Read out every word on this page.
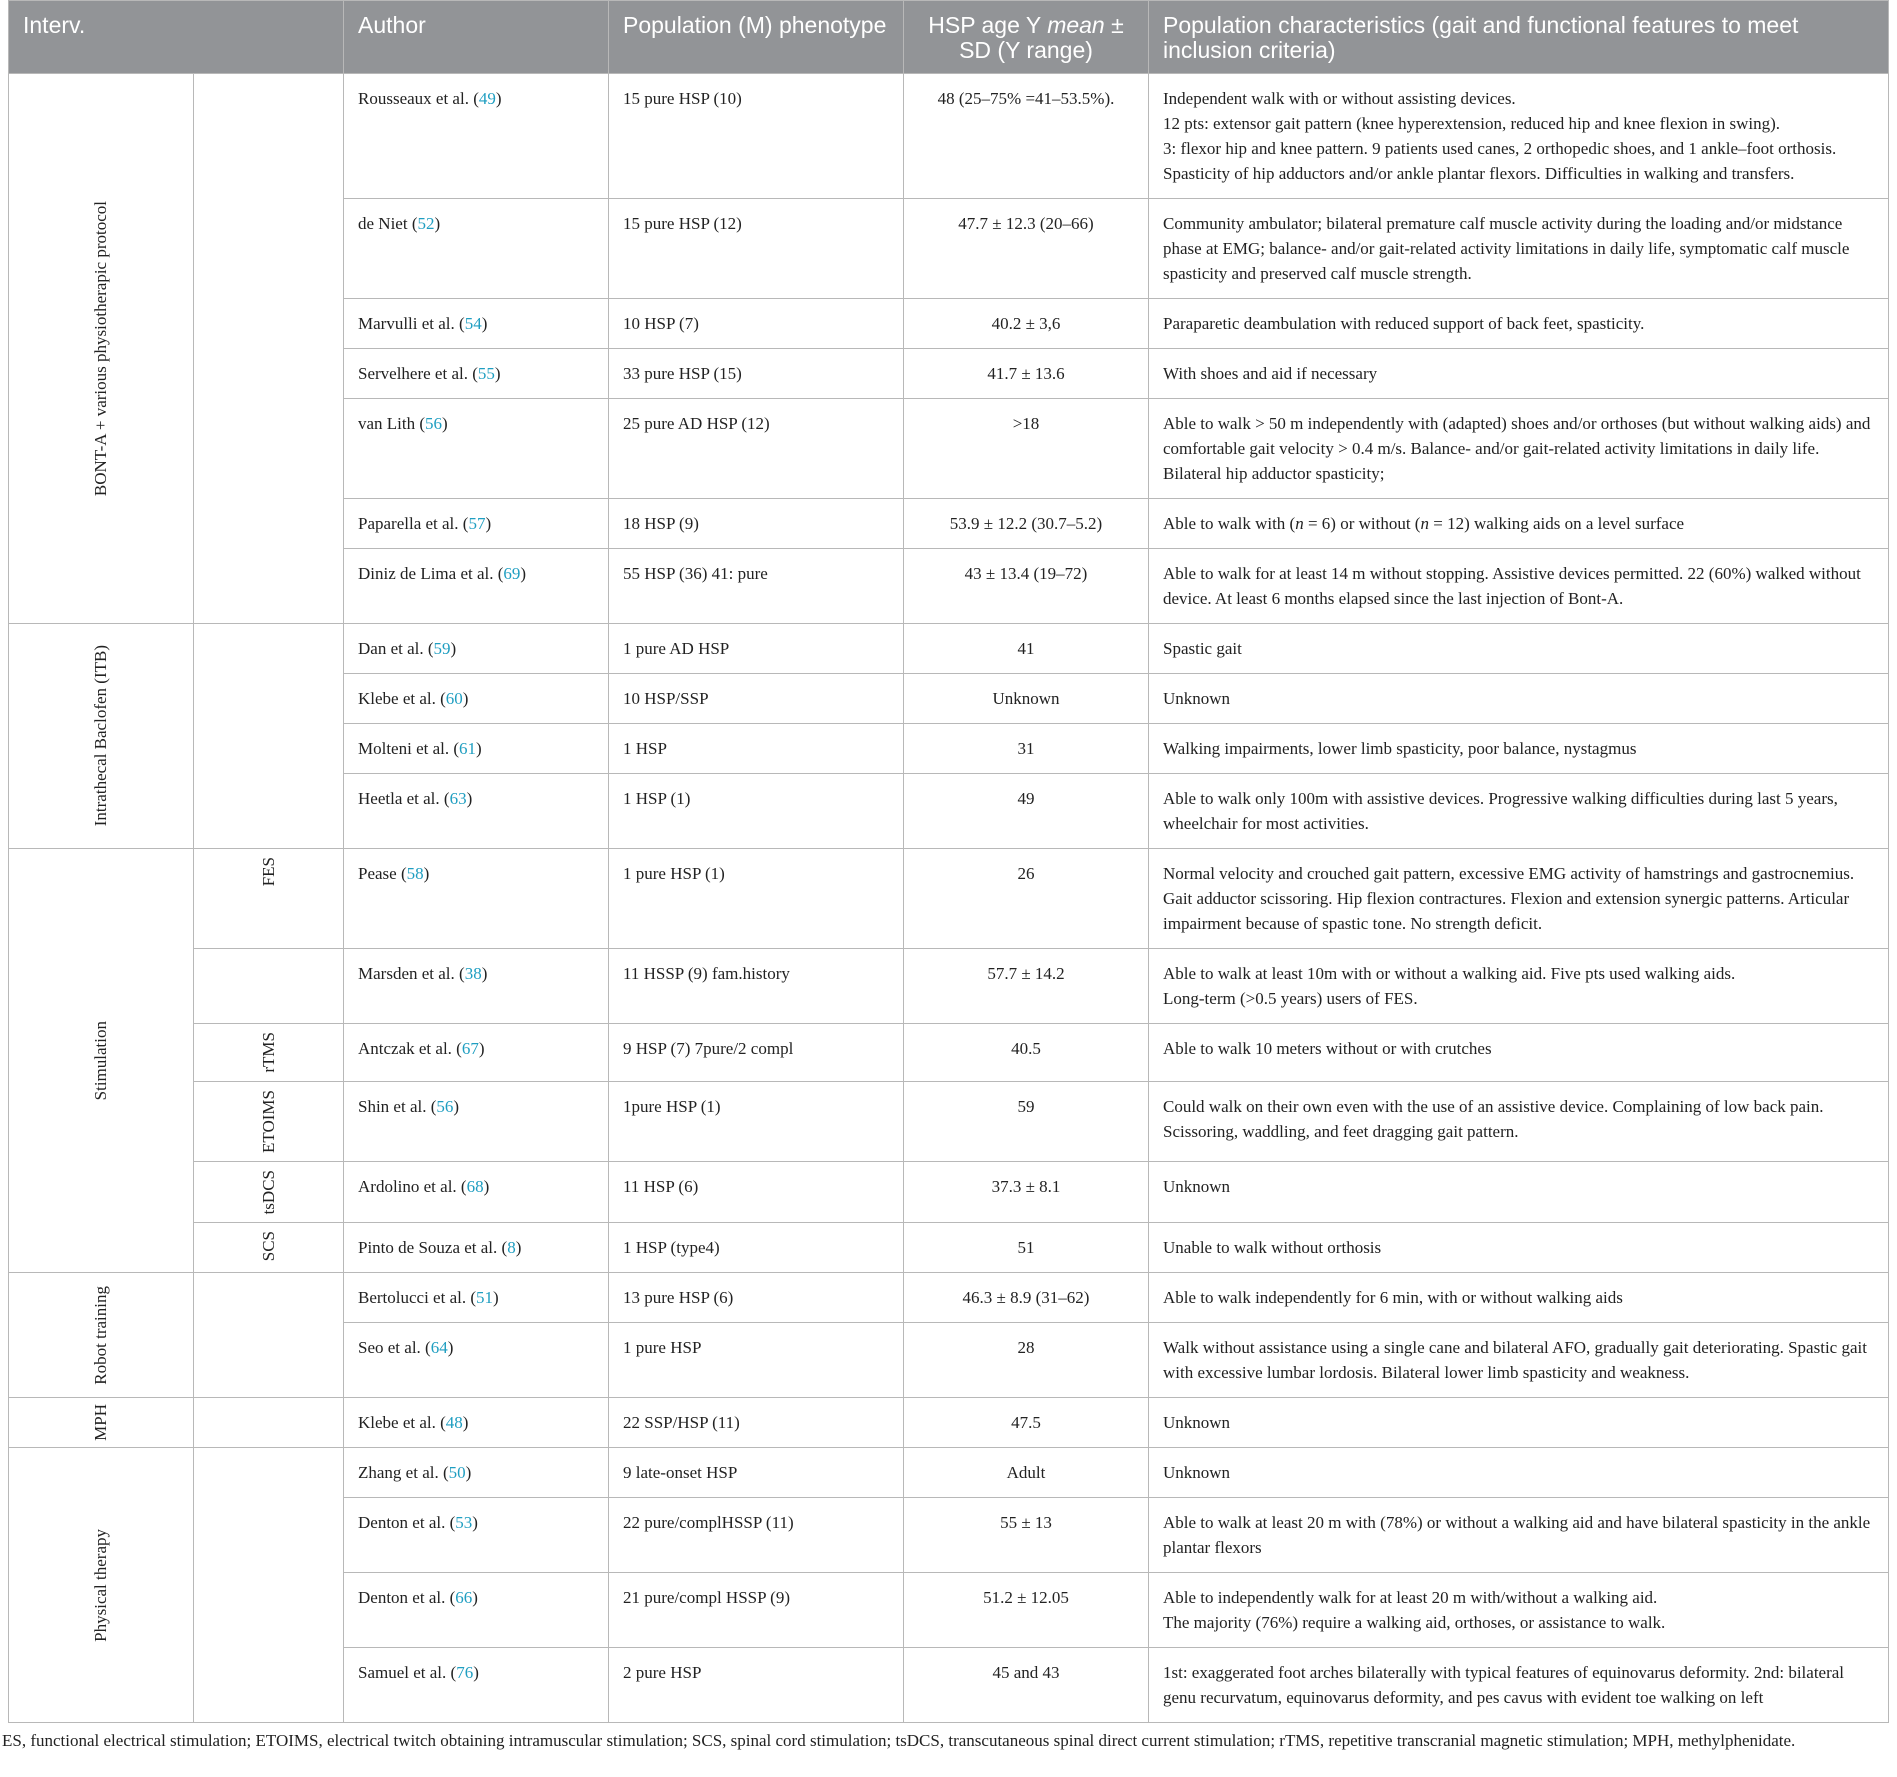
Interv.		Author	Population (M) phenotype	HSP age Y mean ± SD (Y range)	Population characteristics (gait and functional features to meet inclusion criteria)

BONT-A + various physiotherapic protocol		Rousseaux et al. (49)	15 pure HSP (10)	48 (25–75% =41–53.5%).	Independent walk with or without assisting devices.
12 pts: extensor gait pattern (knee hyperextension, reduced hip and knee flexion in swing).
3: flexor hip and knee pattern. 9 patients used canes, 2 orthopedic shoes, and 1 ankle–foot orthosis. Spasticity of hip adductors and/or ankle plantar flexors. Difficulties in walking and transfers.
		de Niet (52)	15 pure HSP (12)	47.7 ± 12.3 (20–66)	Community ambulator; bilateral premature calf muscle activity during the loading and/or midstance phase at EMG; balance- and/or gait-related activity limitations in daily life, symptomatic calf muscle spasticity and preserved calf muscle strength.
		Marvulli et al. (54)	10 HSP (7)	40.2 ± 3,6	Paraparetic deambulation with reduced support of back feet, spasticity.
		Servelhere et al. (55)	33 pure HSP (15)	41.7 ± 13.6	With shoes and aid if necessary
		van Lith (56)	25 pure AD HSP (12)	>18	Able to walk > 50 m independently with (adapted) shoes and/or orthoses (but without walking aids) and comfortable gait velocity > 0.4 m/s. Balance- and/or gait-related activity limitations in daily life. Bilateral hip adductor spasticity;
		Paparella et al. (57)	18 HSP (9)	53.9 ± 12.2 (30.7–5.2)	Able to walk with (n = 6) or without (n = 12) walking aids on a level surface
		Diniz de Lima et al. (69)	55 HSP (36) 41: pure	43 ± 13.4 (19–72)	Able to walk for at least 14 m without stopping. Assistive devices permitted. 22 (60%) walked without device. At least 6 months elapsed since the last injection of Bont-A.

Intrathecal Baclofen (ITB)		Dan et al. (59)	1 pure AD HSP	41	Spastic gait
		Klebe et al. (60)	10 HSP/SSP	Unknown	Unknown
		Molteni et al. (61)	1 HSP	31	Walking impairments, lower limb spasticity, poor balance, nystagmus
		Heetla et al. (63)	1 HSP (1)	49	Able to walk only 100m with assistive devices. Progressive walking difficulties during last 5 years, wheelchair for most activities.

Stimulation	FES	Pease (58)	1 pure HSP (1)	26	Normal velocity and crouched gait pattern, excessive EMG activity of hamstrings and gastrocnemius. Gait adductor scissoring. Hip flexion contractures. Flexion and extension synergic patterns. Articular impairment because of spastic tone. No strength deficit.
		Marsden et al. (38)	11 HSSP (9) fam.history	57.7 ± 14.2	Able to walk at least 10m with or without a walking aid. Five pts used walking aids.
Long-term (>0.5 years) users of FES.

	rTMS	Antczak et al. (67)	9 HSP (7) 7pure/2 compl	40.5	Able to walk 10 meters without or with crutches

	ETOIMS	Shin et al. (56)	1pure HSP (1)	59	Could walk on their own even with the use of an assistive device. Complaining of low back pain. Scissoring, waddling, and feet dragging gait pattern.

	tsDCS	Ardolino et al. (68)	11 HSP (6)	37.3 ± 8.1	Unknown

	SCS	Pinto de Souza et al. (8)	1 HSP (type4)	51	Unable to walk without orthosis

Robot training		Bertolucci et al. (51)	13 pure HSP (6)	46.3 ± 8.9 (31–62)	Able to walk independently for 6 min, with or without walking aids
		Seo et al. (64)	1 pure HSP	28	Walk without assistance using a single cane and bilateral AFO, gradually gait deteriorating. Spastic gait with excessive lumbar lordosis. Bilateral lower limb spasticity and weakness.

MPH		Klebe et al. (48)	22 SSP/HSP (11)	47.5	Unknown

Physical therapy		Zhang et al. (50)	9 late-onset HSP	Adult	Unknown
		Denton et al. (53)	22 pure/complHSSP (11)	55 ± 13	Able to walk at least 20 m with (78%) or without a walking aid and have bilateral spasticity in the ankle plantar flexors
		Denton et al. (66)	21 pure/compl HSSP (9)	51.2 ± 12.05	Able to independently walk for at least 20 m with/without a walking aid.
The majority (76%) require a walking aid, orthoses, or assistance to walk.
		Samuel et al. (76)	2 pure HSP	45 and 43	1st: exaggerated foot arches bilaterally with typical features of equinovarus deformity. 2nd: bilateral genu recurvatum, equinovarus deformity, and pes cavus with evident toe walking on left
ES, functional electrical stimulation; ETOIMS, electrical twitch obtaining intramuscular stimulation; SCS, spinal cord stimulation; tsDCS, transcutaneous spinal direct current stimulation; rTMS, repetitive transcranial magnetic stimulation; MPH, methylphenidate.
